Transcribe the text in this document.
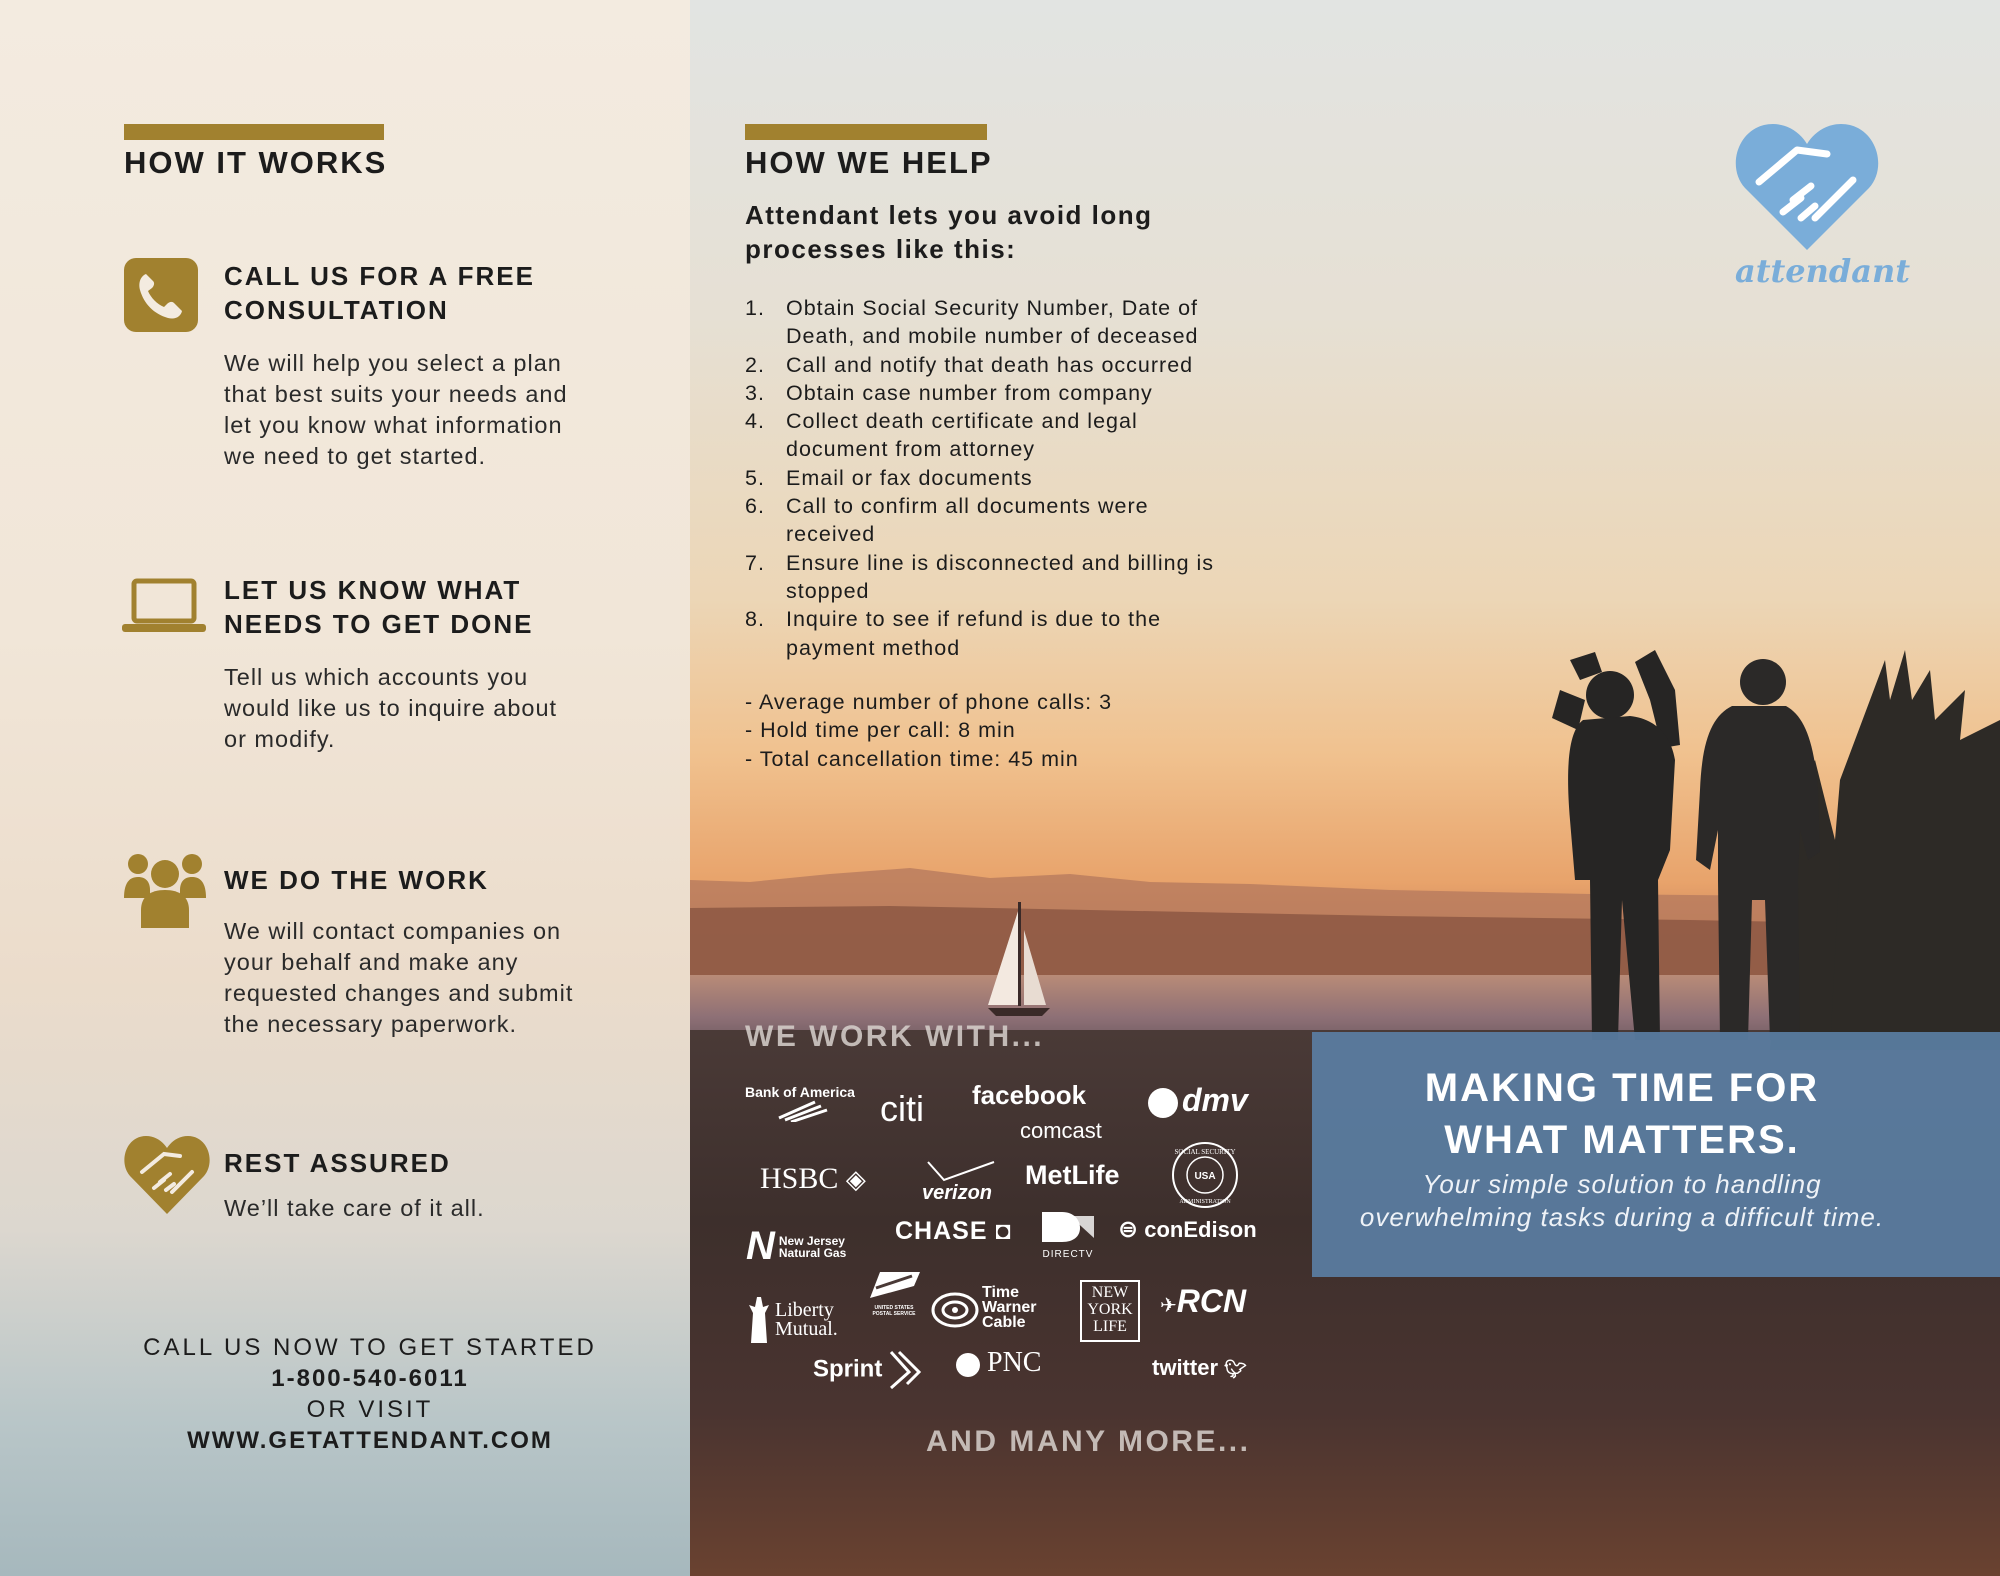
HOW IT WORKS
CALL US FOR A FREE
CONSULTATION
We will help you select a plan
that best suits your needs and
let you know what information
we need to get started.
LET US KNOW WHAT
NEEDS TO GET DONE
Tell us which accounts you
would like us to inquire about
or modify.
WE DO THE WORK
We will contact companies on
your behalf and make any
requested changes and submit
the necessary paperwork.
REST ASSURED
We’ll take care of it all.
CALL US NOW TO GET STARTED
1-800-540-6011
OR VISIT
WWW.GETATTENDANT.COM
HOW WE HELP
Attendant lets you avoid long
processes like this:
1. Obtain Social Security Number, Date of
Death, and mobile number of deceased
2. Call and notify that death has occurred
3. Obtain case number from company
4. Collect death certificate and legal
document from attorney
5. Email or fax documents
6. Call to confirm all documents were
received
7. Ensure line is disconnected and billing is
stopped
8. Inquire to see if refund is due to the
payment method
- Average number of phone calls: 3
- Hold time per call: 8 min
- Total cancellation time: 45 min
WE WORK WITH...
Bank of America citi facebook	dmv
comcast
HSBC ◈	verizon
MetLife
SOCIAL SECURITY
USA
ADMINISTRATION
N New Jersey
Natural Gas
CHASE ◘
DIRECTV
⊜ conEdison
UNITED STATES POSTAL SERVICE
Liberty
Mutual.
Time
Warner
Cable
NEW
YORK
LIFE
✈RCN
Sprint	PNC	twitter 🐦︎
AND MANY MORE...
attendant
MAKING TIME FOR
WHAT MATTERS.
Your simple solution to handling
overwhelming tasks during a difficult time.
